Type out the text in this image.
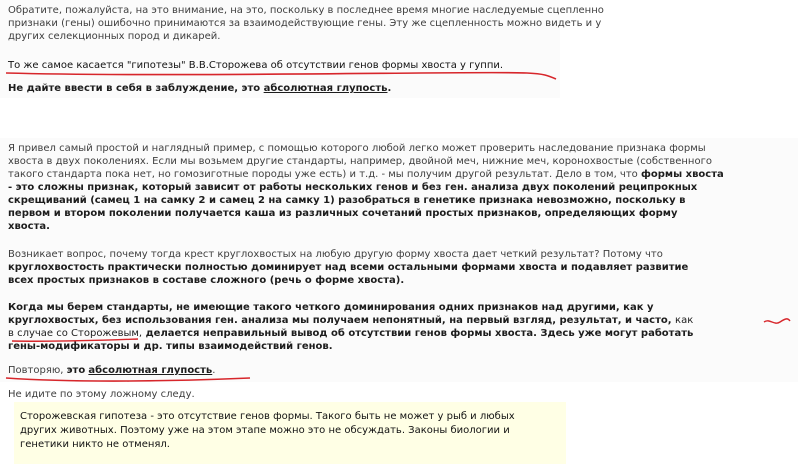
Обратите, пожалуйста, на это внимание, на это, поскольку в последнее время многие наследуемые сцепленно
признаки (гены) ошибочно принимаются за взаимодействующие гены. Эту же сцепленность можно видеть и у
других селекционных пород и дикарей.
То же самое касается "гипотезы" В.В.Сторожева об отсутствии генов формы хвоста у гуппи.
Не дайте ввести в себя в заблуждение, это абсолютная глупость.
Я привел самый простой и наглядный пример, с помощью которого любой легко может проверить наследование признака формы
хвоста в двух поколениях. Если мы возьмем другие стандарты, например, двойной меч, нижние меч, коронохвостые (собственного
такого стандарта пока нет, но гомозиготные породы уже есть) и т.д. - мы получим другой результат. Дело в том, что формы хвоста
- это сложны признак, который зависит от работы нескольких генов и без ген. анализа двух поколений реципрокных
скрещиваний (самец 1 на самку 2 и самец 2 на самку 1) разобраться в генетике признака невозможно, поскольку в
первом и втором поколении получается каша из различных сочетаний простых признаков, определяющих форму
хвоста.
Возникает вопрос, почему тогда крест круглохвостых на любую другую форму хвоста дает четкий результат? Потому что
круглохвостость практически полностью доминирует над всеми остальными формами хвоста и подавляет развитие
всех простых признаков в составе сложного (речь о форме хвоста).
Когда мы берем стандарты, не имеющие такого четкого доминирования одних признаков над другими, как у
круглохвостых, без использования ген. анализа мы получаем непонятный, на первый взгляд, результат, и часто, как
в случае со Сторожевым, делается неправильный вывод об отсутствии генов формы хвоста. Здесь уже могут работать
гены-модификаторы и др. типы взаимодействий генов.
Повторяю, это абсолютная глупость.
Не идите по этому ложному следу.
Сторожевская гипотеза - это отсутствие генов формы. Такого быть не может у рыб и любых
других животных. Поэтому уже на этом этапе можно это не обсуждать. Законы биологии и
генетики никто не отменял.
